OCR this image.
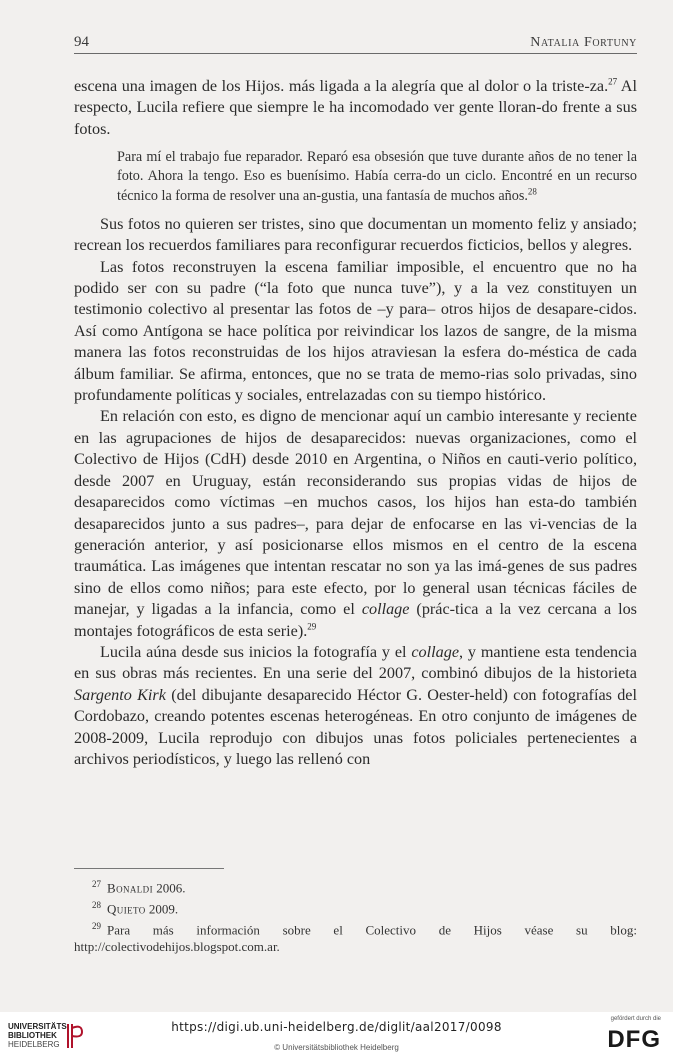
94	Natalia Fortuny

escena una imagen de los Hijos. más ligada a la alegría que al dolor o la triste-za.$^{27}$ Al respecto, Lucila refiere que siempre le ha incomodado ver gente lloran-do frente a sus fotos.

Para mí el trabajo fue reparador. Reparó esa obsesión que tuve durante años de no tener la foto. Ahora la tengo. Eso es buenísimo. Había cerra-do un ciclo. Encontré en un recurso técnico la forma de resolver una an-gustia, una fantasía de muchos años.$^{28}$

Sus fotos no quieren ser tristes, sino que documentan un momento feliz y ansiado; recrean los recuerdos familiares para reconfigurar recuerdos ficticios, bellos y alegres.

Las fotos reconstruyen la escena familiar imposible, el encuentro que no ha podido ser con su padre (“la foto que nunca tuve”), y a la vez constituyen un testimonio colectivo al presentar las fotos de –y para– otros hijos de desapare-cidos. Así como Antígona se hace política por reivindicar los lazos de sangre, de la misma manera las fotos reconstruidas de los hijos atraviesan la esfera do-méstica de cada álbum familiar. Se afirma, entonces, que no se trata de memo-rias solo privadas, sino profundamente políticas y sociales, entrelazadas con su tiempo histórico.

En relación con esto, es digno de mencionar aquí un cambio interesante y reciente en las agrupaciones de hijos de desaparecidos: nuevas organizaciones, como el Colectivo de Hijos (CdH) desde 2010 en Argentina, o Niños en cauti-verio político, desde 2007 en Uruguay, están reconsiderando sus propias vidas de hijos de desaparecidos como víctimas –en muchos casos, los hijos han esta-do también desaparecidos junto a sus padres–, para dejar de enfocarse en las vi-vencias de la generación anterior, y así posicionarse ellos mismos en el centro de la escena traumática. Las imágenes que intentan rescatar no son ya las imá-genes de sus padres sino de ellos como niños; para este efecto, por lo general usan técnicas fáciles de manejar, y ligadas a la infancia, como el collage (prác-tica a la vez cercana a los montajes fotográficos de esta serie).$^{29}$

Lucila aúna desde sus inicios la fotografía y el collage, y mantiene esta tendencia en sus obras más recientes. En una serie del 2007, combinó dibujos de la historieta Sargento Kirk (del dibujante desaparecido Héctor G. Oester-held) con fotografías del Cordobazo, creando potentes escenas heterogéneas. En otro conjunto de imágenes de 2008-2009, Lucila reprodujo con dibujos unas fotos policiales pertenecientes a archivos periodísticos, y luego las rellenó con

$^{27}$ Bonaldi 2006.

$^{28}$ Quieto 2009.

$^{29}$ Para más información sobre el Colectivo de Hijos véase su blog: http://colectivodehijos.blogspot.com.ar.

UNIVERSITÄTS-
BIBLIOTHEK
HEIDELBERG
https://digi.ub.uni-heidelberg.de/diglit/aal2017/0098
© Universitätsbibliothek Heidelberg
gefördert durch die
DFG
